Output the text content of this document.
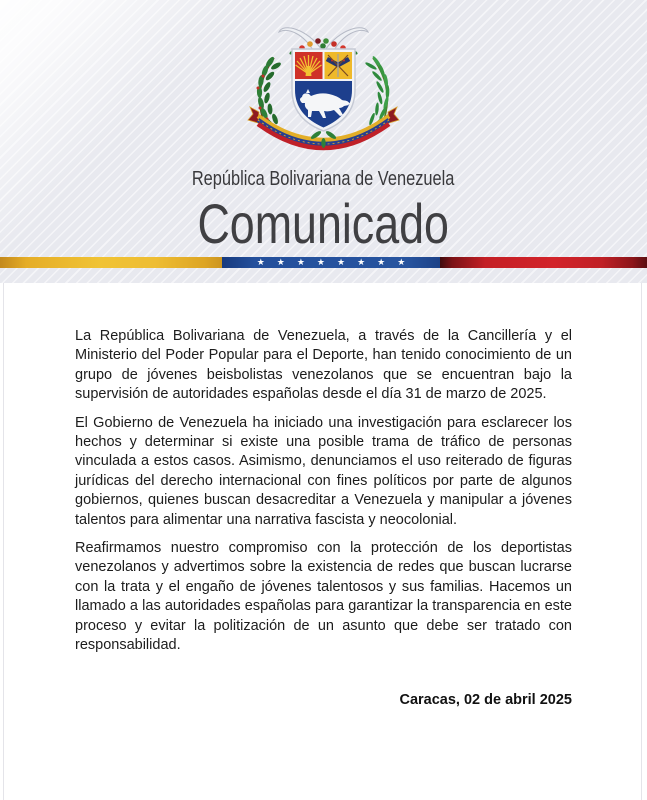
República Bolivariana de Venezuela
Comunicado
★ ★ ★ ★ ★ ★ ★ ★

La República Bolivariana de Venezuela, a través de la Cancillería y el Ministerio del Poder Popular para el Deporte, han tenido conocimiento de un grupo de jóvenes beisbolistas venezolanos que se encuentran bajo la supervisión de autoridades españolas desde el día 31 de marzo de 2025.

El Gobierno de Venezuela ha iniciado una investigación para esclarecer los hechos y determinar si existe una posible trama de tráfico de personas vinculada a estos casos. Asimismo, denunciamos el uso reiterado de figuras jurídicas del derecho internacional con fines políticos por parte de algunos gobiernos, quienes buscan desacreditar a Venezuela y manipular a jóvenes talentos para alimentar una narrativa fascista y neocolonial.

Reafirmamos nuestro compromiso con la protección de los deportistas venezolanos y advertimos sobre la existencia de redes que buscan lucrarse con la trata y el engaño de jóvenes talentosos y sus familias. Hacemos un llamado a las autoridades españolas para garantizar la transparencia en este proceso y evitar la politización de un asunto que debe ser tratado con responsabilidad.

Caracas, 02 de abril 2025
